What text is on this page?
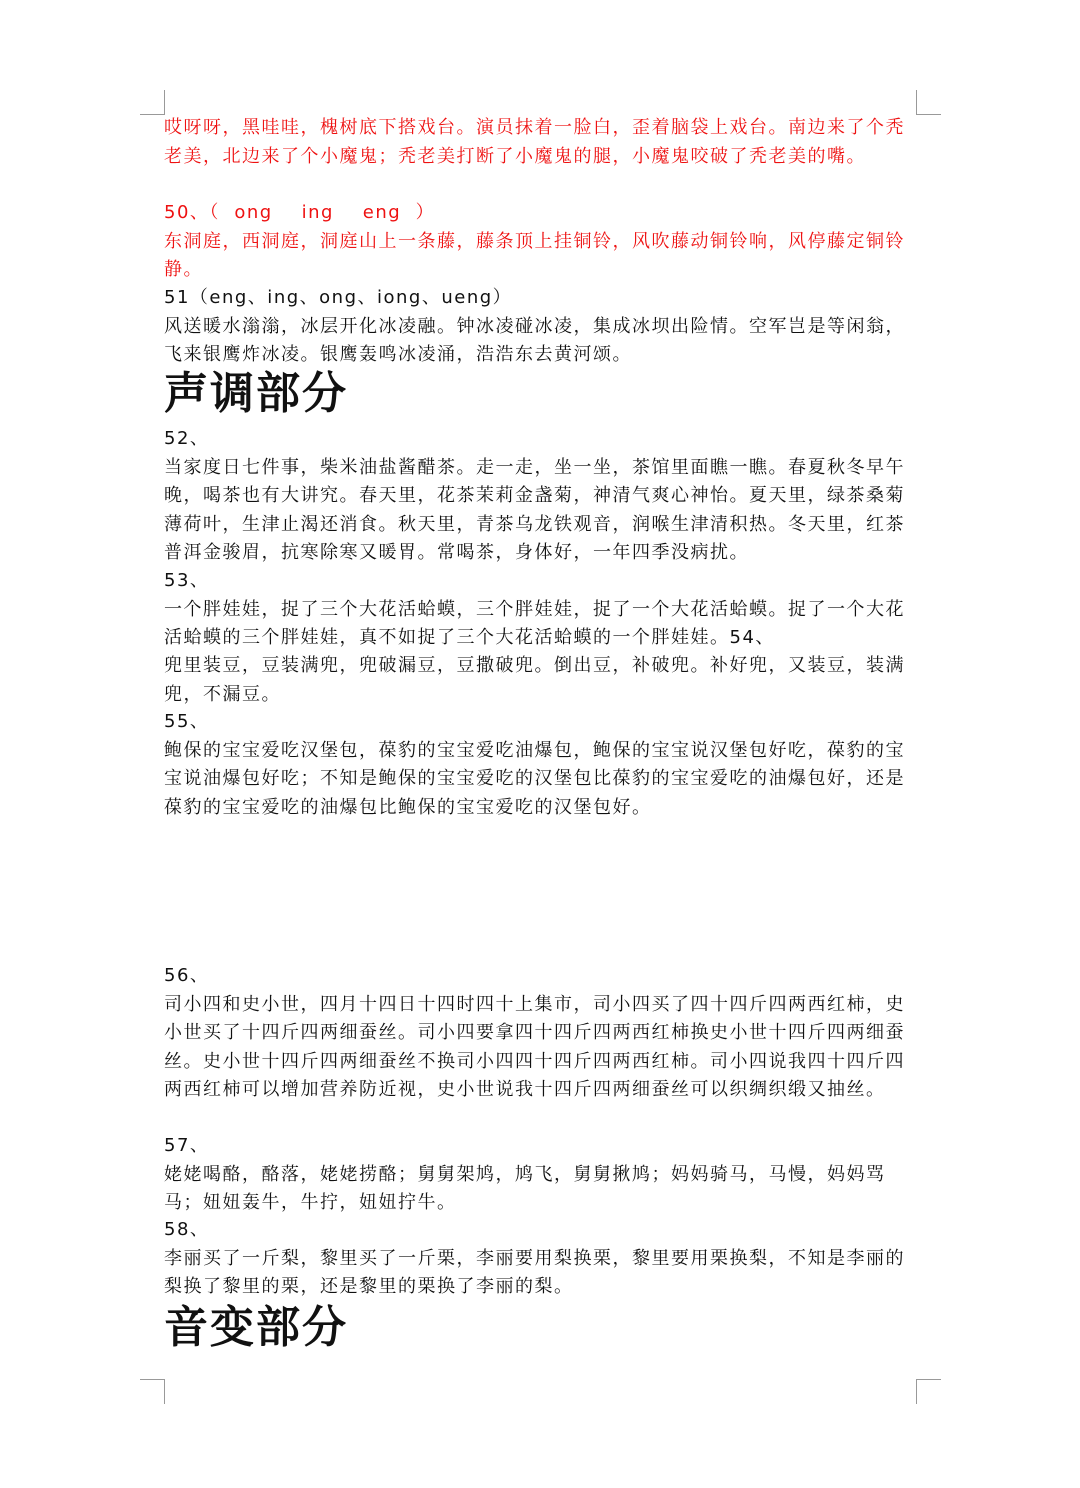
哎呀呀，黑哇哇，槐树底下搭戏台。演员抹着一脸白，歪着脑袋上戏台。南边来了个秃老美，北边来了个小魔鬼；秃老美打断了小魔鬼的腿，小魔鬼咬破了秃老美的嘴。

50、（  ong    ing    eng  ）

东洞庭，西洞庭，洞庭山上一条藤，藤条顶上挂铜铃，风吹藤动铜铃响，风停藤定铜铃静。

51（eng、ing、ong、iong、ueng）

风送暖水滃滃，冰层开化冰凌融。钟冰凌碰冰凌，集成冰坝出险情。空军岂是等闲翁，飞来银鹰炸冰凌。银鹰轰鸣冰凌涌，浩浩东去黄河颂。

声调部分

52、

当家度日七件事，柴米油盐酱醋茶。走一走，坐一坐，茶馆里面瞧一瞧。春夏秋冬早午晚，喝茶也有大讲究。春天里，花茶茉莉金盏菊，神清气爽心神怡。夏天里，绿茶桑菊薄荷叶，生津止渴还消食。秋天里，青茶乌龙铁观音，润喉生津清积热。冬天里，红茶普洱金骏眉，抗寒除寒又暖胃。常喝茶，身体好，一年四季没病扰。

53、

一个胖娃娃，捉了三个大花活蛤蟆，三个胖娃娃，捉了一个大花活蛤蟆。捉了一个大花活蛤蟆的三个胖娃娃，真不如捉了三个大花活蛤蟆的一个胖娃娃。54、

兜里装豆，豆装满兜，兜破漏豆，豆撒破兜。倒出豆，补破兜。补好兜，又装豆，装满兜，不漏豆。

55、

鲍保的宝宝爱吃汉堡包，葆豹的宝宝爱吃油爆包，鲍保的宝宝说汉堡包好吃，葆豹的宝宝说油爆包好吃；不知是鲍保的宝宝爱吃的汉堡包比葆豹的宝宝爱吃的油爆包好，还是葆豹的宝宝爱吃的油爆包比鲍保的宝宝爱吃的汉堡包好。

56、

司小四和史小世，四月十四日十四时四十上集市，司小四买了四十四斤四两西红柿，史小世买了十四斤四两细蚕丝。司小四要拿四十四斤四两西红柿换史小世十四斤四两细蚕丝。史小世十四斤四两细蚕丝不换司小四四十四斤四两西红柿。司小四说我四十四斤四两西红柿可以增加营养防近视，史小世说我十四斤四两细蚕丝可以织绸织缎又抽丝。

57、

姥姥喝酪，酪落，姥姥捞酪；舅舅架鸠，鸠飞，舅舅揪鸠；妈妈骑马，马慢，妈妈骂马；妞妞轰牛，牛拧，妞妞拧牛。

58、

李丽买了一斤梨，黎里买了一斤栗，李丽要用梨换栗，黎里要用栗换梨，不知是李丽的梨换了黎里的栗，还是黎里的栗换了李丽的梨。

音变部分
